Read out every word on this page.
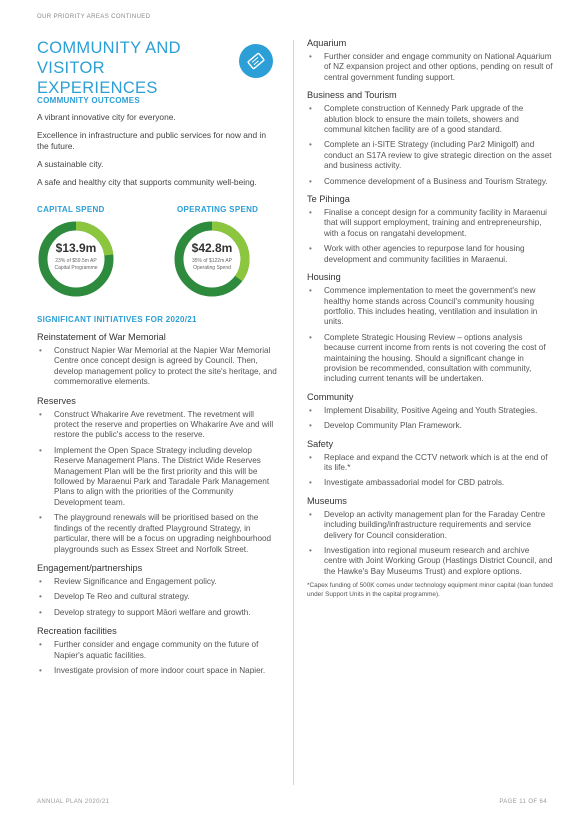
OUR PRIORITY AREAS CONTINUED
COMMUNITY AND
VISITOR EXPERIENCES
COMMUNITY OUTCOMES

A vibrant innovative city for everyone.

Excellence in infrastructure and public services for now and in the future.

A sustainable city.

A safe and healthy city that supports community well-being.

CAPITAL SPEND
$13.9m
23% of $59.5m AP Capital Programme
OPERATING SPEND
$42.8m
35% of $122m AP Operating Spend
SIGNIFICANT INITIATIVES FOR 2020/21
Reinstatement of War Memorial
• Construct Napier War Memorial at the Napier War Memorial Centre once concept design is agreed by Council. Then, develop management policy to protect the site's heritage, and commemorative elements.
Reserves
• Construct Whakarire Ave revetment. The revetment will protect the reserve and properties on Whakarire Ave and will restore the public's access to the reserve.
• Implement the Open Space Strategy including develop Reserve Management Plans. The District Wide Reserves Management Plan will be the first priority and this will be followed by Maraenui Park and Taradale Park Management Plans to align with the priorities of the Community Development team.
• The playground renewals will be prioritised based on the findings of the recently drafted Playground Strategy, in particular, there will be a focus on upgrading neighbourhood playgrounds such as Essex Street and Norfolk Street.
Engagement/partnerships
• Review Significance and Engagement policy.
• Develop Te Reo and cultural strategy.
• Develop strategy to support Māori welfare and growth.
Recreation facilities
• Further consider and engage community on the future of Napier's aquatic facilities.
• Investigate provision of more indoor court space in Napier.
Aquarium
• Further consider and engage community on National Aquarium of NZ expansion project and other options, pending on result of central government funding support.
Business and Tourism
• Complete construction of Kennedy Park upgrade of the ablution block to ensure the main toilets, showers and communal kitchen facility are of a good standard.
• Complete an i-SITE Strategy (including Par2 Minigolf) and conduct an S17A review to give strategic direction on the asset and business activity.
• Commence development of a Business and Tourism Strategy.
Te Pihinga
• Finalise a concept design for a community facility in Maraenui that will support employment, training and entrepreneurship, with a focus on rangatahi development.
• Work with other agencies to repurpose land for housing development and community facilities in Maraenui.
Housing
• Commence implementation to meet the government's new healthy home stands across Council's community housing portfolio. This includes heating, ventilation and insulation in units.
• Complete Strategic Housing Review – options analysis because current income from rents is not covering the cost of maintaining the housing. Should a significant change in provision be recommended, consultation with community, including current tenants will be undertaken.
Community
• Implement Disability, Positive Ageing and Youth Strategies.
• Develop Community Plan Framework.
Safety
• Replace and expand the CCTV network which is at the end of its life.*
• Investigate ambassadorial model for CBD patrols.
Museums
• Develop an activity management plan for the Faraday Centre including building/infrastructure requirements and service delivery for Council consideration.
• Investigation into regional museum research and archive centre with Joint Working Group (Hastings District Council, and the Hawke's Bay Museums Trust) and explore options.

*Capex funding of 500K comes under technology equipment minor capital (loan funded under Support Units in the capital programme).

ANNUAL PLAN 2020/21	PAGE 11 OF 64
